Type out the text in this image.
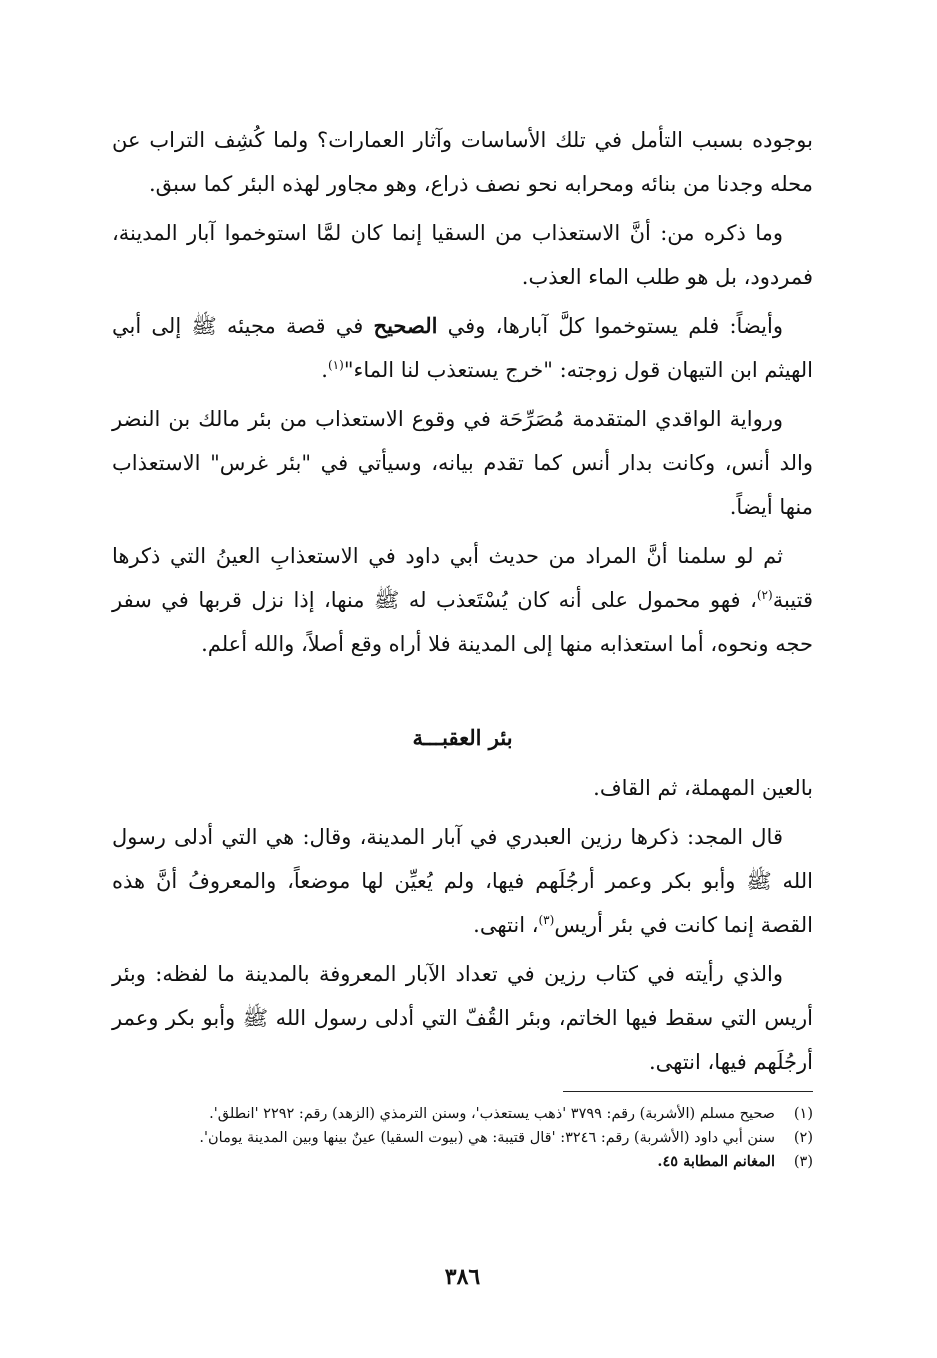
بوجوده بسبب التأمل في تلك الأساسات وآثار العمارات؟ ولما كُشِف التراب عن محله وجدنا من بنائه ومحرابه نحو نصف ذراع، وهو مجاور لهذه البئر كما سبق.

وما ذكره من: أنَّ الاستعذاب من السقيا إنما كان لمَّا استوخموا آبار المدينة، فمردود، بل هو طلب الماء العذب.

وأيضاً: فلم يستوخموا كلَّ آبارها، وفي الصحيح في قصة مجيئه ﷺ إلى أبي الهيثم ابن التيهان قول زوجته: "خرج يستعذب لنا الماء"$^{(١)}$.

ورواية الواقدي المتقدمة مُصَرِّحَة في وقوع الاستعذاب من بئر مالك بن النضر والد أنس، وكانت بدار أنس كما تقدم بيانه، وسيأتي في "بئر غرس" الاستعذاب منها أيضاً.

ثم لو سلمنا أنَّ المراد من حديث أبي داود في الاستعذابِ العينُ التي ذكرها قتيبة$^{(٢)}$، فهو محمول على أنه كان يُسْتَعذب له ﷺ منها، إذا نزل قربها في سفر حجه ونحوه، أما استعذابه منها إلى المدينة فلا أراه وقع أصلاً، والله أعلم.

بئر العقبـــة

بالعين المهملة، ثم القاف.

قال المجد: ذكرها رزين العبدري في آبار المدينة، وقال: هي التي أدلى رسول الله ﷺ وأبو بكر وعمر أرجُلَهم فيها، ولم يُعيِّن لها موضعاً، والمعروفُ أنَّ هذه القصة إنما كانت في بئر أريس$^{(٣)}$، انتهى.

والذي رأيته في كتاب رزين في تعداد الآبار المعروفة بالمدينة ما لفظه: وبئر أريس التي سقط فيها الخاتم، وبئر القُفّ التي أدلى رسول الله ﷺ وأبو بكر وعمر أرجُلَهم فيها، انتهى.

(١)
صحيح مسلم (الأشربة) رقم: ٣٧٩٩ 'ذهب يستعذب'، وسنن الترمذي (الزهد) رقم: ٢٢٩٢ 'انطلق'.
(٢)
سنن أبي داود (الأشربة) رقم: ٣٢٤٦: 'قال قتيبة: هي (بيوت السقيا) عينٌ بينها وبين المدينة يومان'.
(٣)
المغانم المطابة ٤٥.
٣٨٦
